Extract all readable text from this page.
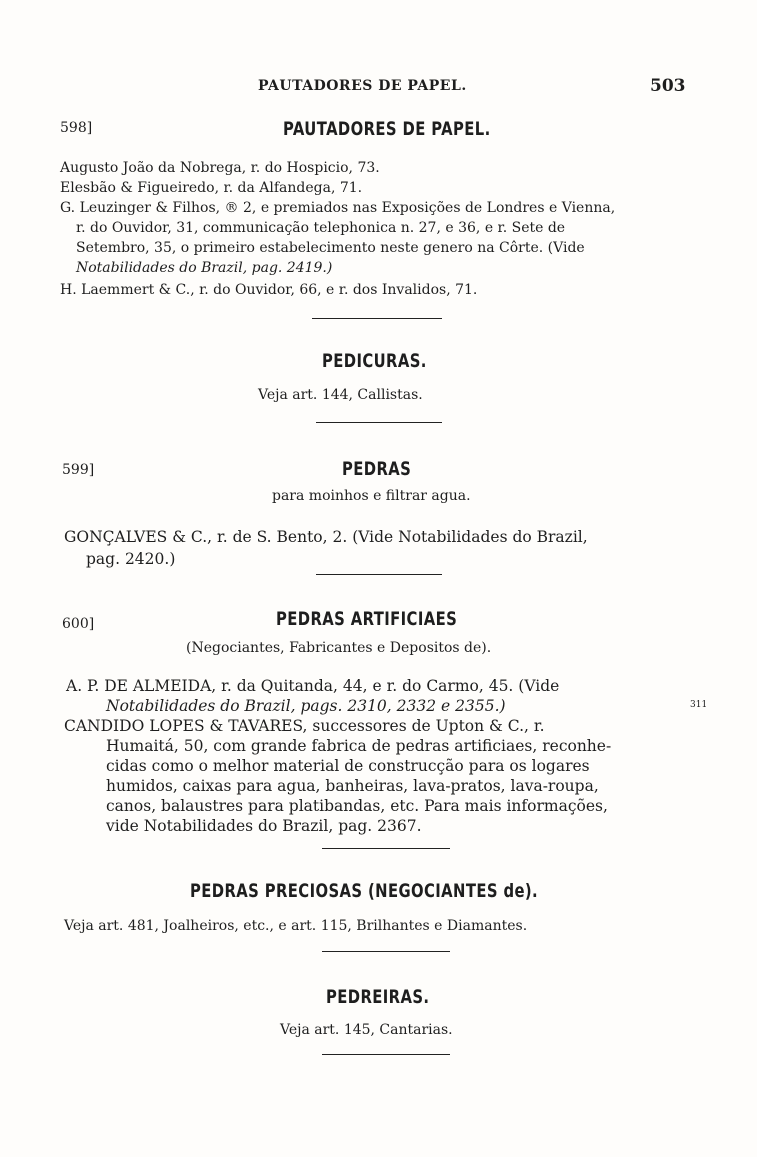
PAUTADORES DE PAPEL.	503
598]	PAUTADORES DE PAPEL.
Augusto João da Nobrega, r. do Hospicio, 73.
Elesbão & Figueiredo, r. da Alfandega, 71.
G. Leuzinger & Filhos, ® 2, e premiados nas Exposições de Londres e Vienna,
r. do Ouvidor, 31, communicação telephonica n. 27, e 36, e r. Sete de
Setembro, 35, o primeiro estabelecimento neste genero na Côrte. (Vide
Notabilidades do Brazil, pag. 2419.)
H. Laemmert & C., r. do Ouvidor, 66, e r. dos Invalidos, 71.
PEDICURAS.
Veja art. 144, Callistas.
599]	PEDRAS
para moinhos e filtrar agua.
GONÇALVES & C., r. de S. Bento, 2. (Vide Notabilidades do Brazil,
pag. 2420.)
600]	PEDRAS ARTIFICIAES
(Negociantes, Fabricantes e Depositos de).
A. P. DE ALMEIDA, r. da Quitanda, 44, e r. do Carmo, 45. (Vide
Notabilidades do Brazil, pags. 2310, 2332 e 2355.)
CANDIDO LOPES & TAVARES, successores de Upton & C., r.
Humaitá, 50, com grande fabrica de pedras artificiaes, reconhe-
cidas como o melhor material de construcção para os logares
humidos, caixas para agua, banheiras, lava-pratos, lava-roupa,
canos, balaustres para platibandas, etc. Para mais informações,
vide Notabilidades do Brazil, pag. 2367.
311
PEDRAS PRECIOSAS (NEGOCIANTES de).
Veja art. 481, Joalheiros, etc., e art. 115, Brilhantes e Diamantes.
PEDREIRAS.
Veja art. 145, Cantarias.
